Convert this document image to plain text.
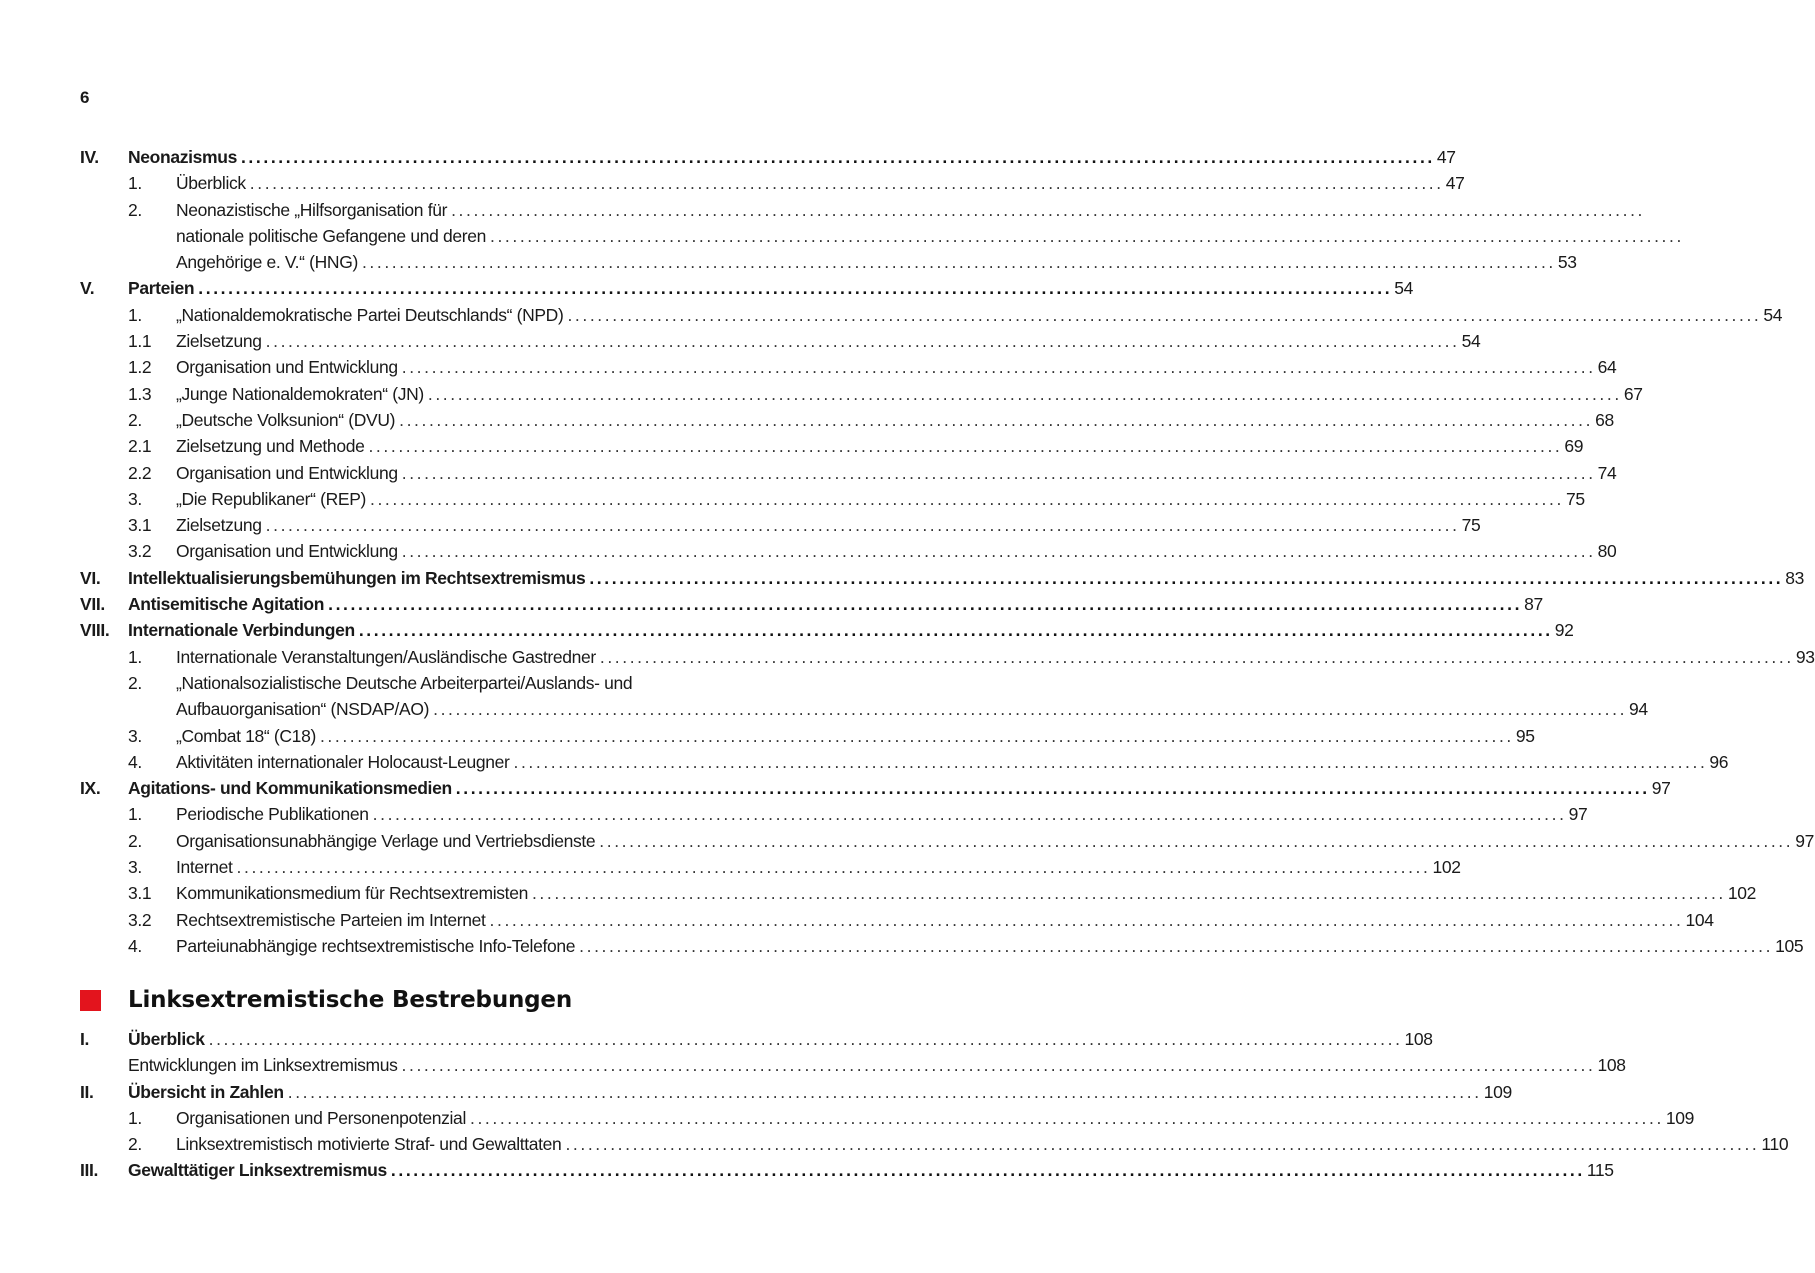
6
IV. Neonazismus ................................................................................................................................................................ 47
1. Überblick ................................................................................................................................................................ 47
2. Neonazistische „Hilfsorganisation für ................................................................................................................................................................
nationale politische Gefangene und deren ................................................................................................................................................................
Angehörige e. V.“ (HNG) ................................................................................................................................................................ 53
V. Parteien ................................................................................................................................................................ 54
1. „Nationaldemokratische Partei Deutschlands“ (NPD) ................................................................................................................................................................ 54
1.1 Zielsetzung ................................................................................................................................................................ 54
1.2 Organisation und Entwicklung ................................................................................................................................................................ 64
1.3 „Junge Nationaldemokraten“ (JN) ................................................................................................................................................................ 67
2. „Deutsche Volksunion“ (DVU) ................................................................................................................................................................ 68
2.1 Zielsetzung und Methode ................................................................................................................................................................ 69
2.2 Organisation und Entwicklung ................................................................................................................................................................ 74
3. „Die Republikaner“ (REP) ................................................................................................................................................................ 75
3.1 Zielsetzung ................................................................................................................................................................ 75
3.2 Organisation und Entwicklung ................................................................................................................................................................ 80
VI. Intellektualisierungsbemühungen im Rechtsextremismus ................................................................................................................................................................ 83
VII. Antisemitische Agitation ................................................................................................................................................................ 87
VIII. Internationale Verbindungen ................................................................................................................................................................ 92
1. Internationale Veranstaltungen/Ausländische Gastredner ................................................................................................................................................................ 93
2. „Nationalsozialistische Deutsche Arbeiterpartei/Auslands- und
Aufbauorganisation“ (NSDAP/AO) ................................................................................................................................................................ 94
3. „Combat 18“ (C18) ................................................................................................................................................................ 95
4. Aktivitäten internationaler Holocaust-Leugner ................................................................................................................................................................ 96
IX. Agitations- und Kommunikationsmedien ................................................................................................................................................................ 97
1. Periodische Publikationen ................................................................................................................................................................ 97
2. Organisationsunabhängige Verlage und Vertriebsdienste ................................................................................................................................................................ 97
3. Internet ................................................................................................................................................................ 102
3.1 Kommunikationsmedium für Rechtsextremisten ................................................................................................................................................................ 102
3.2 Rechtsextremistische Parteien im Internet ................................................................................................................................................................ 104
4. Parteiunabhängige rechtsextremistische Info-Telefone ................................................................................................................................................................ 105
Linksextremistische Bestrebungen
I. Überblick ................................................................................................................................................................ 108
Entwicklungen im Linksextremismus ................................................................................................................................................................ 108
II. Übersicht in Zahlen ................................................................................................................................................................ 109
1. Organisationen und Personenpotenzial ................................................................................................................................................................ 109
2. Linksextremistisch motivierte Straf- und Gewalttaten ................................................................................................................................................................ 110
III. Gewalttätiger Linksextremismus ................................................................................................................................................................ 115
